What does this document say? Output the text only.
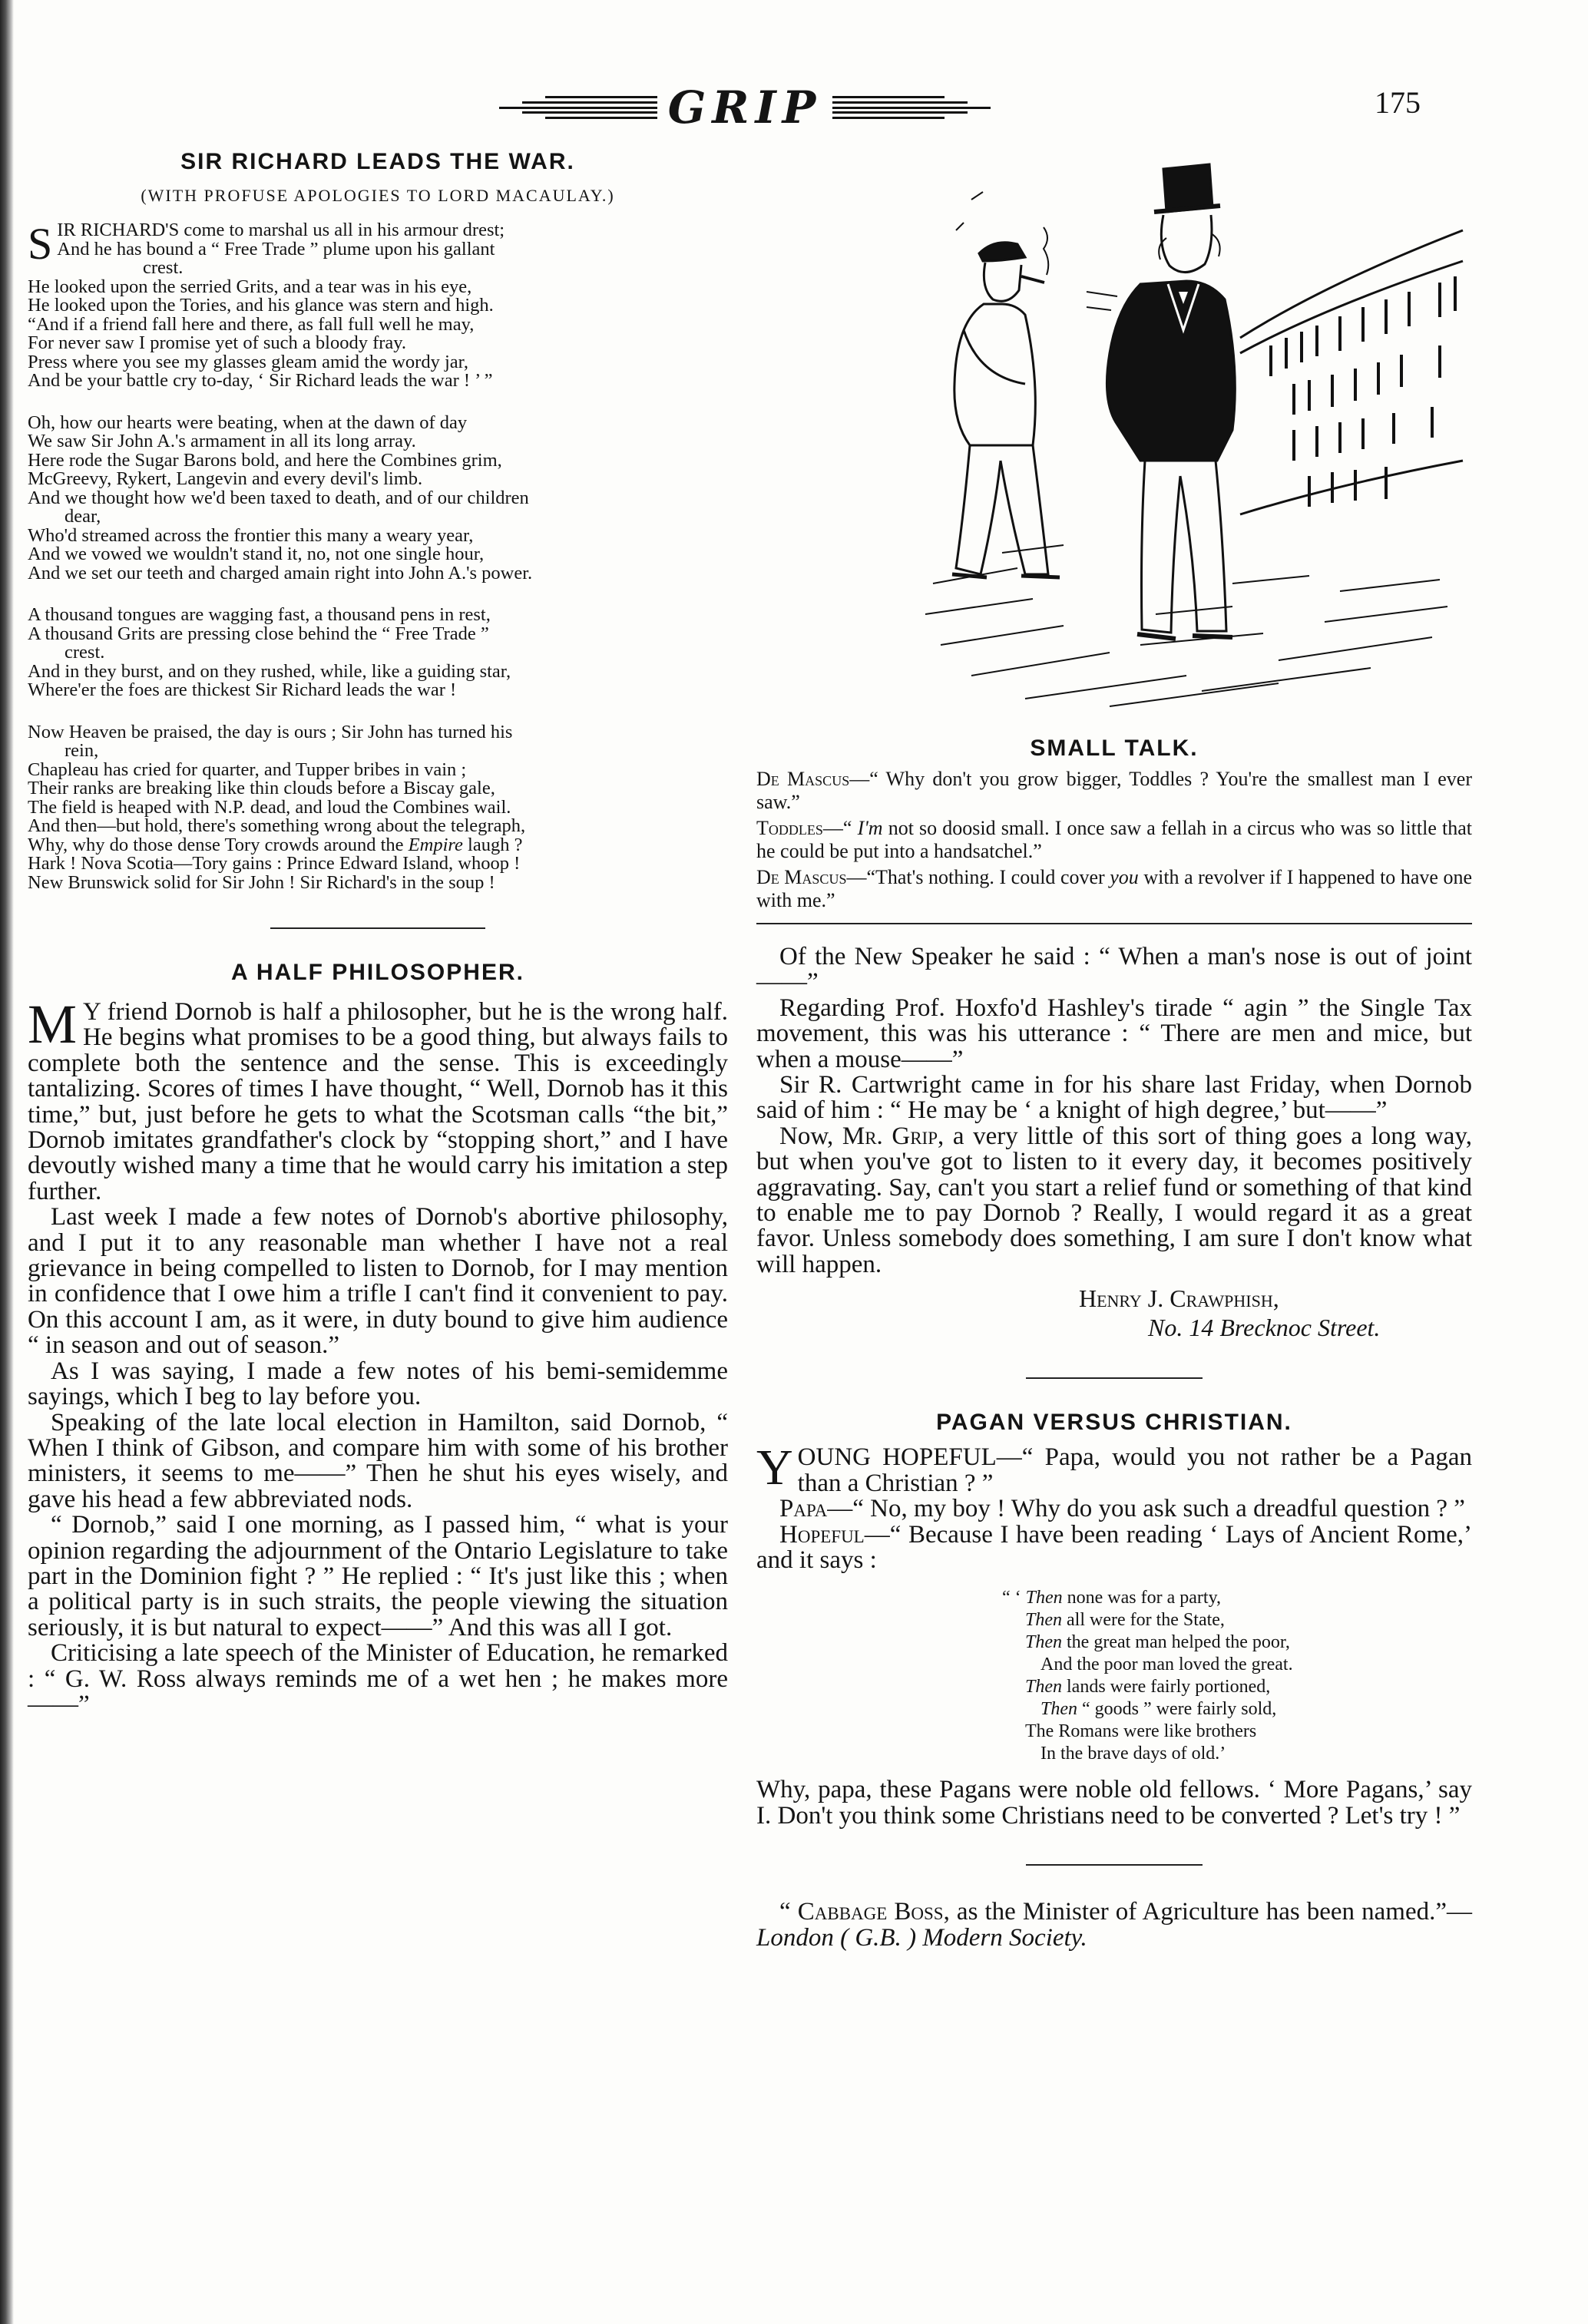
GRIP	175
SIR RICHARD LEADS THE WAR.
(WITH PROFUSE APOLOGIES TO LORD MACAULAY.)
S IR RICHARD'S come to marshal us all in his armour drest;

And he has bound a “ Free Trade ” plume upon his gallant

crest.

He looked upon the serried Grits, and a tear was in his eye,

He looked upon the Tories, and his glance was stern and high.

“And if a friend fall here and there, as fall full well he may,

For never saw I promise yet of such a bloody fray.

Press where you see my glasses gleam amid the wordy jar,

And be your battle cry to-day, ‘ Sir Richard leads the war ! ’ ”

Oh, how our hearts were beating, when at the dawn of day

We saw Sir John A.'s armament in all its long array.

Here rode the Sugar Barons bold, and here the Combines grim,

McGreevy, Rykert, Langevin and every devil's limb.

And we thought how we'd been taxed to death, and of our children

dear,

Who'd streamed across the frontier this many a weary year,

And we vowed we wouldn't stand it, no, not one single hour,

And we set our teeth and charged amain right into John A.'s power.

A thousand tongues are wagging fast, a thousand pens in rest,

A thousand Grits are pressing close behind the “ Free Trade ”

crest.

And in they burst, and on they rushed, while, like a guiding star,

Where'er the foes are thickest Sir Richard leads the war !

Now Heaven be praised, the day is ours ; Sir John has turned his

rein,

Chapleau has cried for quarter, and Tupper bribes in vain ;

Their ranks are breaking like thin clouds before a Biscay gale,

The field is heaped with N.P. dead, and loud the Combines wail.

And then—but hold, there's something wrong about the telegraph,

Why, why do those dense Tory crowds around the Empire laugh ?

Hark ! Nova Scotia—Tory gains : Prince Edward Island, whoop !

New Brunswick solid for Sir John ! Sir Richard's in the soup !

A HALF PHILOSOPHER.

M Y friend Dornob is half a philosopher, but he is the wrong half. He begins what promises to be a good thing, but always fails to complete both the sentence and the sense. This is exceedingly tantalizing. Scores of times I have thought, “ Well, Dornob has it this time,” but, just before he gets to what the Scotsman calls “the bit,” Dornob imitates grandfather's clock by “stopping short,” and I have devoutly wished many a time that he would carry his imitation a step further.

Last week I made a few notes of Dornob's abortive philosophy, and I put it to any reasonable man whether I have not a real grievance in being compelled to listen to Dornob, for I may mention in confidence that I owe him a trifle I can't find it convenient to pay. On this account I am, as it were, in duty bound to give him audience “ in season and out of season.”

As I was saying, I made a few notes of his bemi-semidemme sayings, which I beg to lay before you.

Speaking of the late local election in Hamilton, said Dornob, “ When I think of Gibson, and compare him with some of his brother ministers, it seems to me——” Then he shut his eyes wisely, and gave his head a few abbreviated nods.

“ Dornob,” said I one morning, as I passed him, “ what is your opinion regarding the adjournment of the Ontario Legislature to take part in the Dominion fight ? ” He replied : “ It's just like this ; when a political party is in such straits, the people viewing the situation seriously, it is but natural to expect——” And this was all I got.

Criticising a late speech of the Minister of Education, he remarked : “ G. W. Ross always reminds me of a wet hen ; he makes more——”

SMALL TALK.

De Mascus—“ Why don't you grow bigger, Toddles ? You're the smallest man I ever saw.”

Toddles—“ I'm not so doosid small. I once saw a fellah in a circus who was so little that he could be put into a handsatchel.”

De Mascus—“That's nothing. I could cover you with a revolver if I happened to have one with me.”

Of the New Speaker he said : “ When a man's nose is out of joint——”

Regarding Prof. Hoxfo'd Hashley's tirade “ agin ” the Single Tax movement, this was his utterance : “ There are men and mice, but when a mouse——”

Sir R. Cartwright came in for his share last Friday, when Dornob said of him : “ He may be ‘ a knight of high degree,’ but——”

Now, Mr. Grip, a very little of this sort of thing goes a long way, but when you've got to listen to it every day, it becomes positively aggravating. Say, can't you start a relief fund or something of that kind to enable me to pay Dornob ? Really, I would regard it as a great favor. Unless somebody does something, I am sure I don't know what will happen.

Henry J. Crawphish,
No. 14 Brecknoc Street.
PAGAN VERSUS CHRISTIAN.

YOUNG HOPEFUL—“ Papa, would you not rather be a Pagan than a Christian ? ”

Papa—“ No, my boy ! Why do you ask such a dreadful question ? ”

Hopeful—“ Because I have been reading ‘ Lays of Ancient Rome,’ and it says :

“ ‘ Then none was for a party,

Then all were for the State,

Then the great man helped the poor,

And the poor man loved the great.

Then lands were fairly portioned,

Then “ goods ” were fairly sold,

The Romans were like brothers

In the brave days of old.’

Why, papa, these Pagans were noble old fellows. ‘ More Pagans,’ say I. Don't you think some Christians need to be converted ? Let's try ! ”

“ Cabbage Boss, as the Minister of Agriculture has been named.”—London ( G.B. ) Modern Society.
